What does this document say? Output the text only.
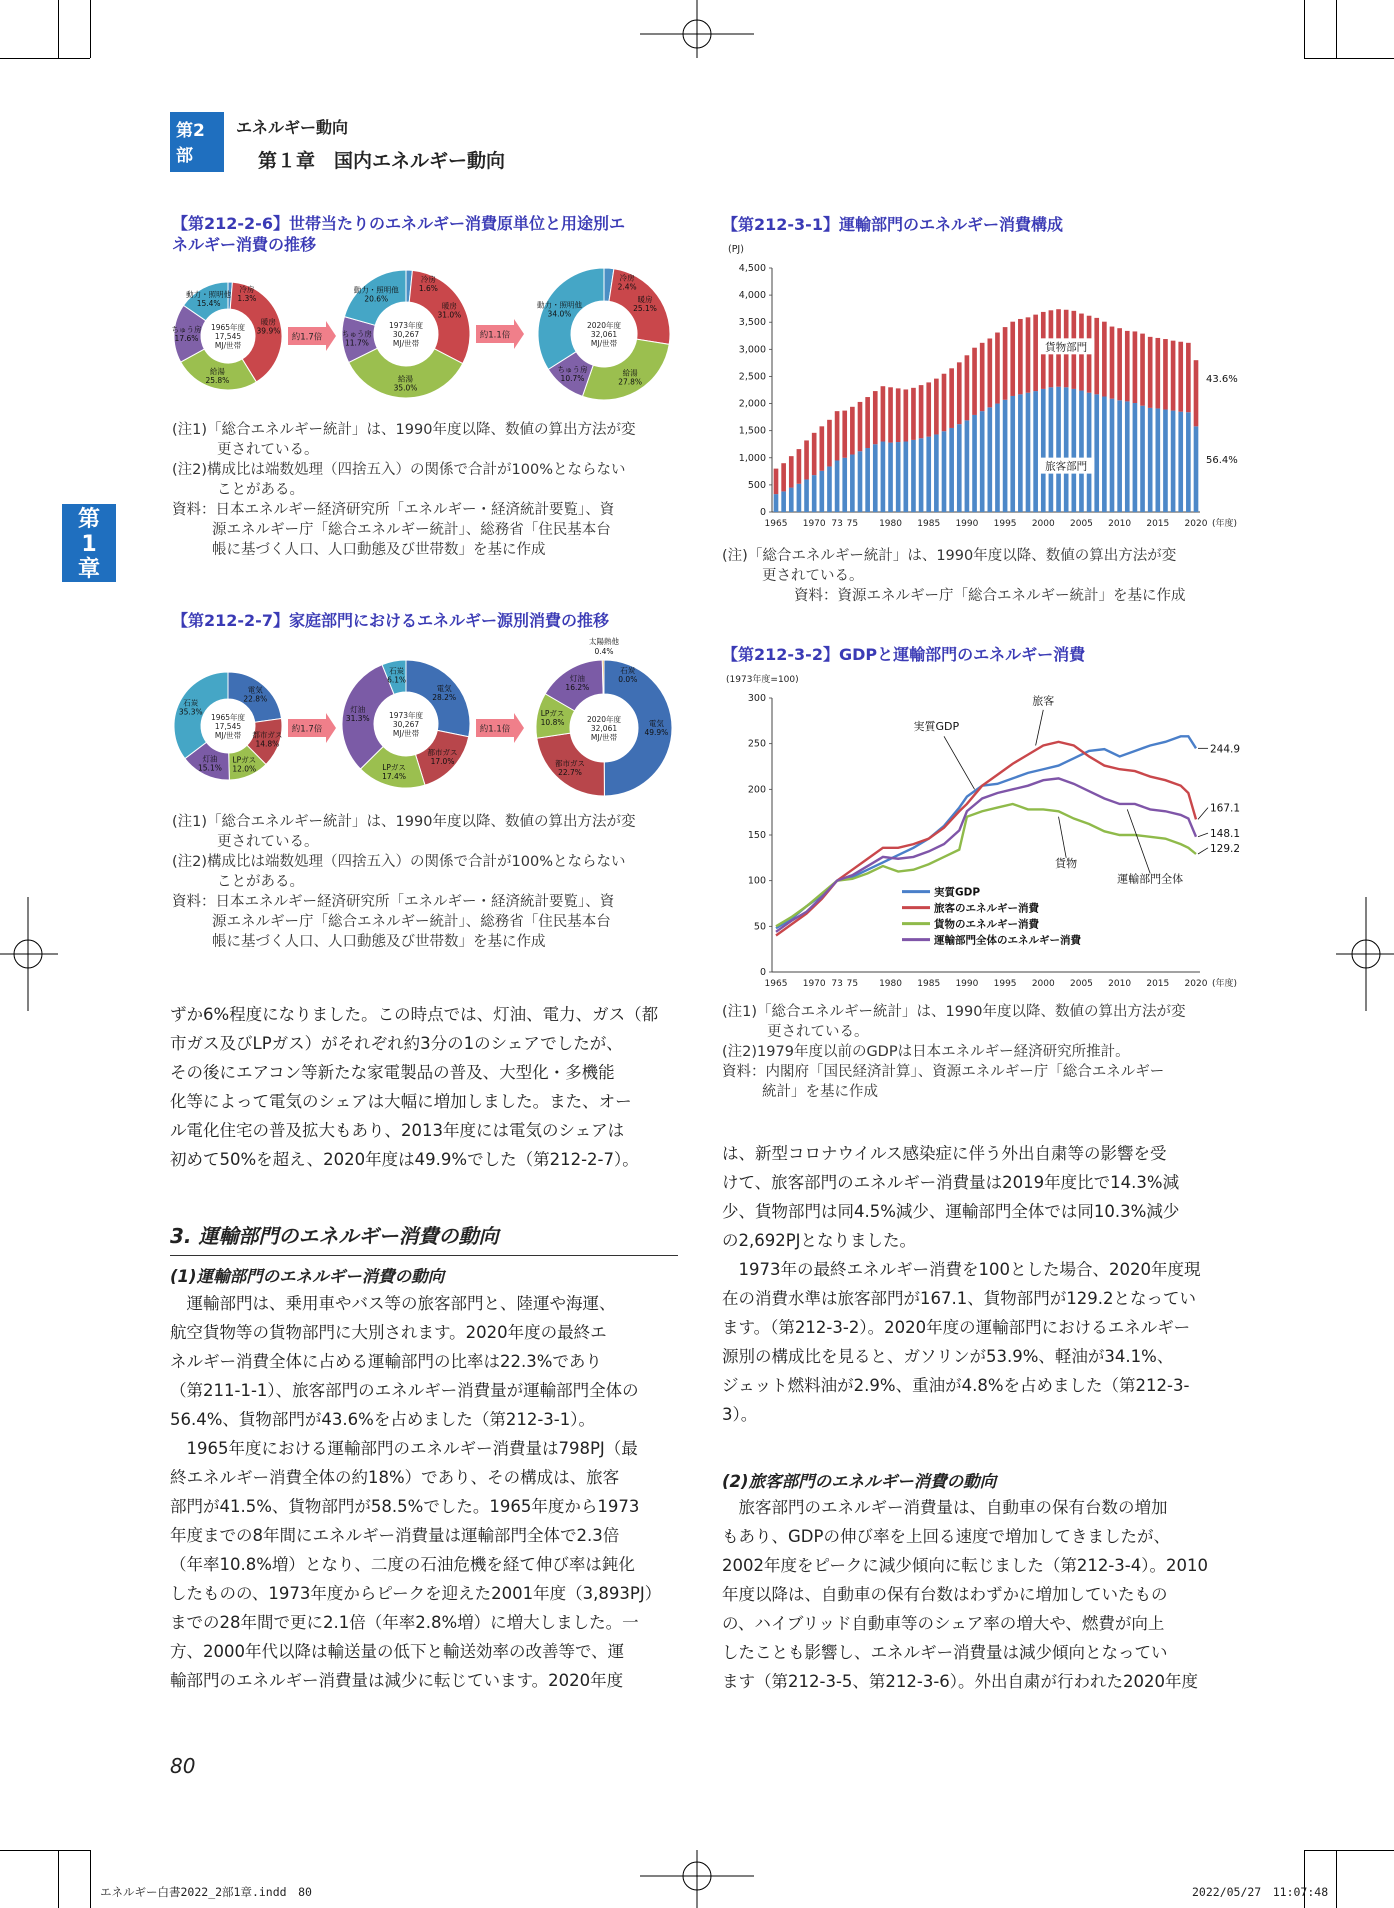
第2部
エネルギー動向
第１章　国内エネルギー動向
第
1
章
【第212-2-6】世帯当たりのエネルギー消費原単位と用途別エ
ネルギー消費の推移
1965年度
17,545
MJ/世帯
冷房
1.3%
暖房
39.9%
給湯
25.8%
ちゅう房
17.6%
動力・照明他
15.4%
約1.7倍
1973年度
30,267
MJ/世帯
冷房
1.6%
暖房
31.0%
給湯
35.0%
ちゅう房
11.7%
動力・照明他
20.6%
約1.1倍
2020年度
32,061
MJ/世帯
冷房
2.4%
暖房
25.1%
給湯
27.8%
ちゅう房
10.7%
動力・照明他
34.0%

(注1)「総合エネルギー統計」は、1990年度以降、数値の算出方法が変

更されている。

(注2)構成比は端数処理（四捨五入）の関係で合計が100%とならない

ことがある。

資料：日本エネルギー経済研究所「エネルギー・経済統計要覧」、資

源エネルギー庁「総合エネルギー統計」、総務省「住民基本台

帳に基づく人口、人口動態及び世帯数」を基に作成

【第212-2-7】家庭部門におけるエネルギー源別消費の推移
1965年度
17,545
MJ/世帯
電気
22.8%
都市ガス
14.8%
LPガス
12.0%
灯油
15.1%
石炭
35.3%
約1.7倍
1973年度
30,267
MJ/世帯
電気
28.2%
都市ガス
17.0%
LPガス
17.4%
灯油
31.3%
石炭
6.1%
約1.1倍
2020年度
32,061
MJ/世帯
電気
49.9%
都市ガス
22.7%
LPガス
10.8%
灯油
16.2%
石炭
0.0%
太陽熱他
0.4%

(注1)「総合エネルギー統計」は、1990年度以降、数値の算出方法が変

更されている。

(注2)構成比は端数処理（四捨五入）の関係で合計が100%とならない

ことがある。

資料：日本エネルギー経済研究所「エネルギー・経済統計要覧」、資

源エネルギー庁「総合エネルギー統計」、総務省「住民基本台

帳に基づく人口、人口動態及び世帯数」を基に作成

ずか6%程度になりました。この時点では、灯油、電力、ガス（都

市ガス及びLPガス）がそれぞれ約3分の1のシェアでしたが、

その後にエアコン等新たな家電製品の普及、大型化・多機能

化等によって電気のシェアは大幅に増加しました。また、オー

ル電化住宅の普及拡大もあり、2013年度には電気のシェアは

初めて50%を超え、2020年度は49.9%でした（第212-2-7）。

3. 運輸部門のエネルギー消費の動向
(1)運輸部門のエネルギー消費の動向

運輸部門は、乗用車やバス等の旅客部門と、陸運や海運、

航空貨物等の貨物部門に大別されます。2020年度の最終エ

ネルギー消費全体に占める運輸部門の比率は22.3%であり

（第211-1-1）、旅客部門のエネルギー消費量が運輸部門全体の

56.4%、貨物部門が43.6%を占めました（第212-3-1）。

1965年度における運輸部門のエネルギー消費量は798PJ（最

終エネルギー消費全体の約18%）であり、その構成は、旅客

部門が41.5%、貨物部門が58.5%でした。1965年度から1973

年度までの8年間にエネルギー消費量は運輸部門全体で2.3倍

（年率10.8%増）となり、二度の石油危機を経て伸び率は鈍化

したものの、1973年度からピークを迎えた2001年度（3,893PJ）

までの28年間で更に2.1倍（年率2.8%増）に増大しました。一

方、2000年代以降は輸送量の低下と輸送効率の改善等で、運

輸部門のエネルギー消費量は減少に転じています。2020年度

【第212-3-1】運輸部門のエネルギー消費構成
(PJ)
0
500
1,000
1,500
2,000
2,500
3,000
3,500
4,000
4,500
1965 1970 73 75 1980 1985 1990 1995 2000 2005 2010 2015 2020 (年度)
貨物部門
旅客部門
43.6%
56.4%

(注)「総合エネルギー統計」は、1990年度以降、数値の算出方法が変

更されている。

資料：資源エネルギー庁「総合エネルギー統計」を基に作成

【第212-3-2】GDPと運輸部門のエネルギー消費
(1973年度=100)
0
50
100
150
200
250
300
1965 1970 73 75 1980 1985 1990 1995 2000 2005 2010 2015 2020 (年度)
実質GDP
旅客のエネルギー消費
貨物のエネルギー消費
運輸部門全体のエネルギー消費
旅客
実質GDP
貨物
運輸部門全体
244.9
167.1
148.1
129.2

(注1)「総合エネルギー統計」は、1990年度以降、数値の算出方法が変

更されている。

(注2)1979年度以前のGDPは日本エネルギー経済研究所推計。

資料：内閣府「国民経済計算」、資源エネルギー庁「総合エネルギー

統計」を基に作成

は、新型コロナウイルス感染症に伴う外出自粛等の影響を受

けて、旅客部門のエネルギー消費量は2019年度比で14.3%減

少、貨物部門は同4.5%減少、運輸部門全体では同10.3%減少

の2,692PJとなりました。

1973年の最終エネルギー消費を100とした場合、2020年度現

在の消費水準は旅客部門が167.1、貨物部門が129.2となってい

ます。（第212-3-2）。2020年度の運輸部門におけるエネルギー

源別の構成比を見ると、ガソリンが53.9%、軽油が34.1%、

ジェット燃料油が2.9%、重油が4.8%を占めました（第212-3-

3）。

(2)旅客部門のエネルギー消費の動向

旅客部門のエネルギー消費量は、自動車の保有台数の増加

もあり、GDPの伸び率を上回る速度で増加してきましたが、

2002年度をピークに減少傾向に転じました（第212-3-4）。2010

年度以降は、自動車の保有台数はわずかに増加していたもの

の、ハイブリッド自動車等のシェア率の増大や、燃費が向上

したことも影響し、エネルギー消費量は減少傾向となってい

ます（第212-3-5、第212-3-6）。外出自粛が行われた2020年度

80
エネルギー白書2022_2部1章.indd　80	2022/05/27　11:07:48
